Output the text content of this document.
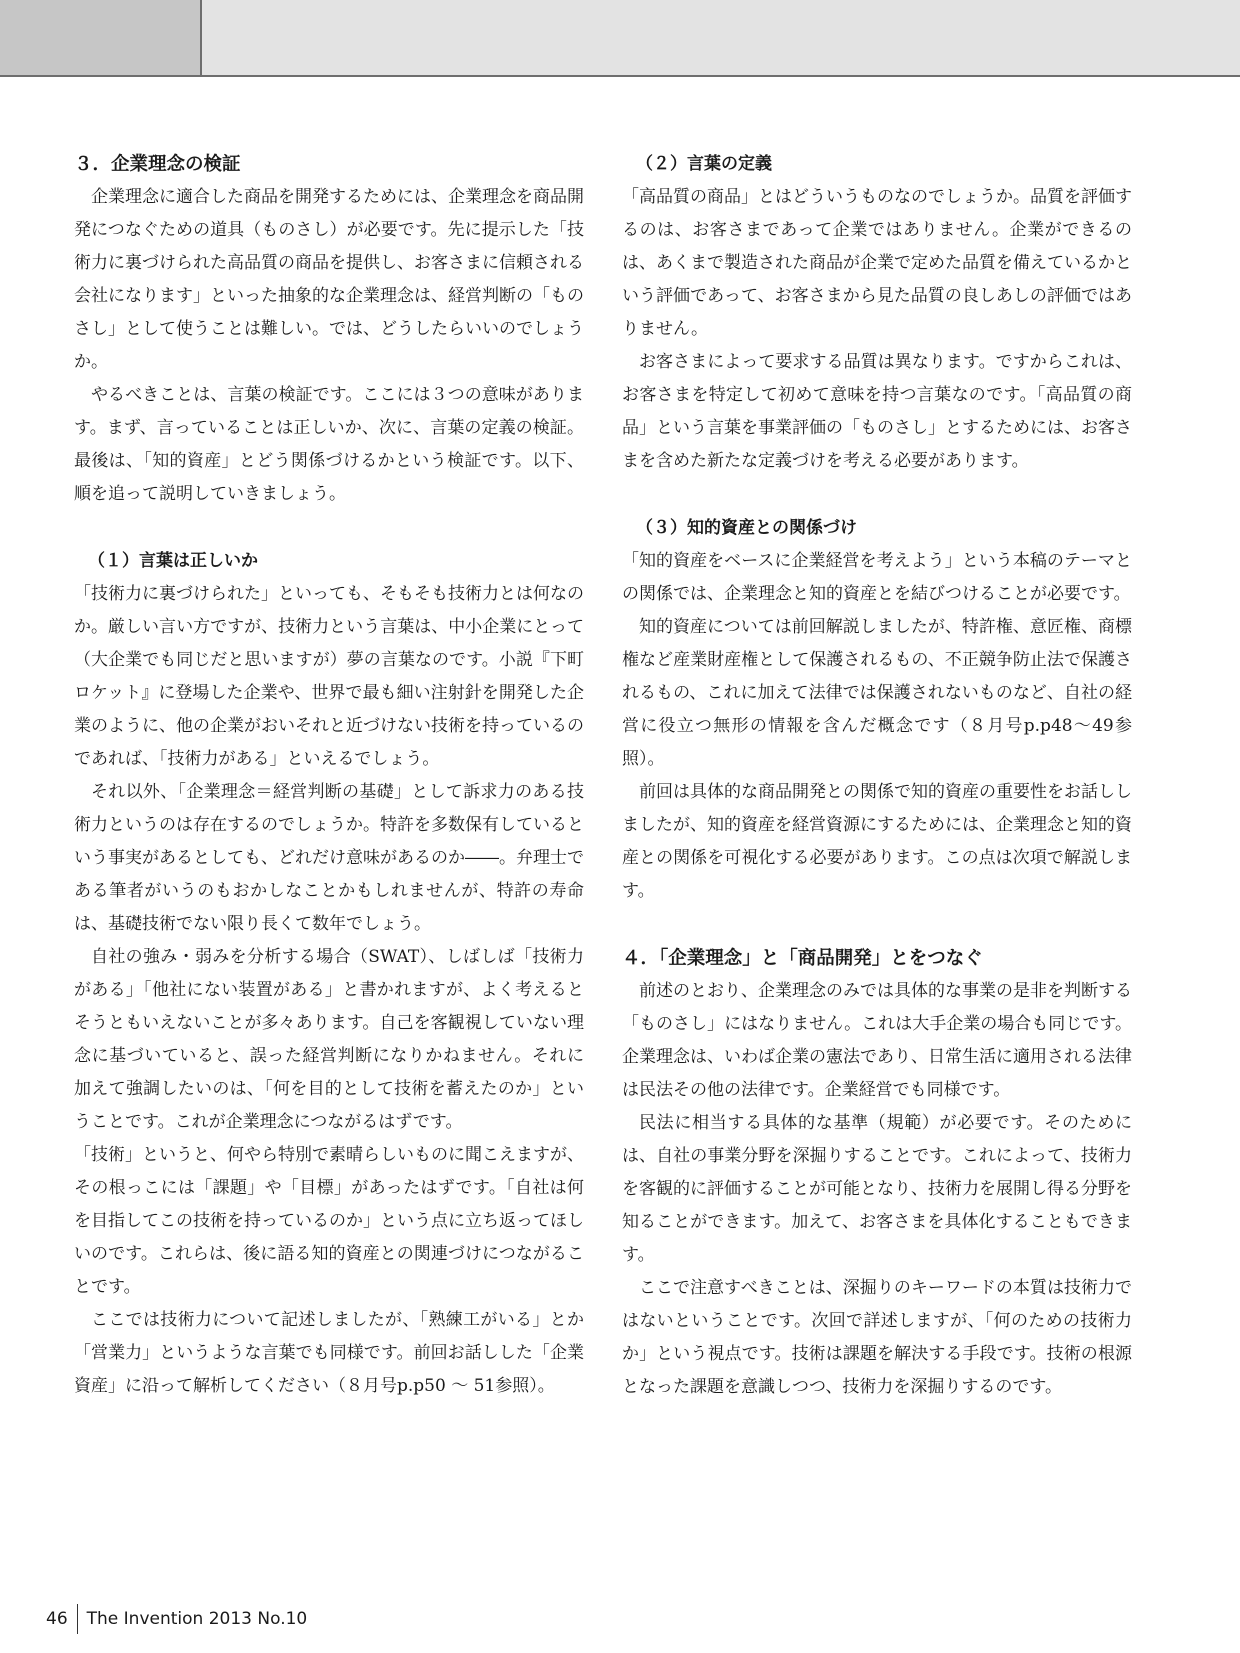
３．企業理念の検証

企業理念に適合した商品を開発するためには、企業理念を商品開発につなぐための道具（ものさし）が必要です。先に提示した「技術力に裏づけられた高品質の商品を提供し、お客さまに信頼される会社になります」といった抽象的な企業理念は、経営判断の「ものさし」として使うことは難しい。では、どうしたらいいのでしょうか。

やるべきことは、言葉の検証です。ここには３つの意味があります。まず、言っていることは正しいか、次に、言葉の定義の検証。最後は、「知的資産」とどう関係づけるかという検証です。以下、順を追って説明していきましょう。

（１）言葉は正しいか

「技術力に裏づけられた」といっても、そもそも技術力とは何なのか。厳しい言い方ですが、技術力という言葉は、中小企業にとって（大企業でも同じだと思いますが）夢の言葉なのです。小説『下町ロケット』に登場した企業や、世界で最も細い注射針を開発した企業のように、他の企業がおいそれと近づけない技術を持っているのであれば、「技術力がある」といえるでしょう。

それ以外、「企業理念＝経営判断の基礎」として訴求力のある技術力というのは存在するのでしょうか。特許を多数保有しているという事実があるとしても、どれだけ意味があるのか――。弁理士である筆者がいうのもおかしなことかもしれませんが、特許の寿命は、基礎技術でない限り長くて数年でしょう。

自社の強み・弱みを分析する場合（SWAT）、しばしば「技術力がある」「他社にない装置がある」と書かれますが、よく考えるとそうともいえないことが多々あります。自己を客観視していない理念に基づいていると、誤った経営判断になりかねません。それに加えて強調したいのは、「何を目的として技術を蓄えたのか」ということです。これが企業理念につながるはずです。

「技術」というと、何やら特別で素晴らしいものに聞こえますが、その根っこには「課題」や「目標」があったはずです。「自社は何を目指してこの技術を持っているのか」という点に立ち返ってほしいのです。これらは、後に語る知的資産との関連づけにつながることです。

ここでは技術力について記述しましたが、「熟練工がいる」とか「営業力」というような言葉でも同様です。前回お話しした「企業資産」に沿って解析してください（８月号p.p50 ～ 51参照）。

（２）言葉の定義

「高品質の商品」とはどういうものなのでしょうか。品質を評価するのは、お客さまであって企業ではありません。企業ができるのは、あくまで製造された商品が企業で定めた品質を備えているかという評価であって、お客さまから見た品質の良しあしの評価ではありません。

お客さまによって要求する品質は異なります。ですからこれは、お客さまを特定して初めて意味を持つ言葉なのです。「高品質の商品」という言葉を事業評価の「ものさし」とするためには、お客さまを含めた新たな定義づけを考える必要があります。

（３）知的資産との関係づけ

「知的資産をベースに企業経営を考えよう」という本稿のテーマとの関係では、企業理念と知的資産とを結びつけることが必要です。

知的資産については前回解説しましたが、特許権、意匠権、商標権など産業財産権として保護されるもの、不正競争防止法で保護されるもの、これに加えて法律では保護されないものなど、自社の経営に役立つ無形の情報を含んだ概念です（８月号p.p48～49参照）。

前回は具体的な商品開発との関係で知的資産の重要性をお話ししましたが、知的資産を経営資源にするためには、企業理念と知的資産との関係を可視化する必要があります。この点は次項で解説します。

４．「企業理念」と「商品開発」とをつなぐ

前述のとおり、企業理念のみでは具体的な事業の是非を判断する「ものさし」にはなりません。これは大手企業の場合も同じです。企業理念は、いわば企業の憲法であり、日常生活に適用される法律は民法その他の法律です。企業経営でも同様です。

民法に相当する具体的な基準（規範）が必要です。そのためには、自社の事業分野を深掘りすることです。これによって、技術力を客観的に評価することが可能となり、技術力を展開し得る分野を知ることができます。加えて、お客さまを具体化することもできます。

ここで注意すべきことは、深掘りのキーワードの本質は技術力ではないということです。次回で詳述しますが、「何のための技術力か」という視点です。技術は課題を解決する手段です。技術の根源となった課題を意識しつつ、技術力を深掘りするのです。

46 The Invention 2013 No.10
